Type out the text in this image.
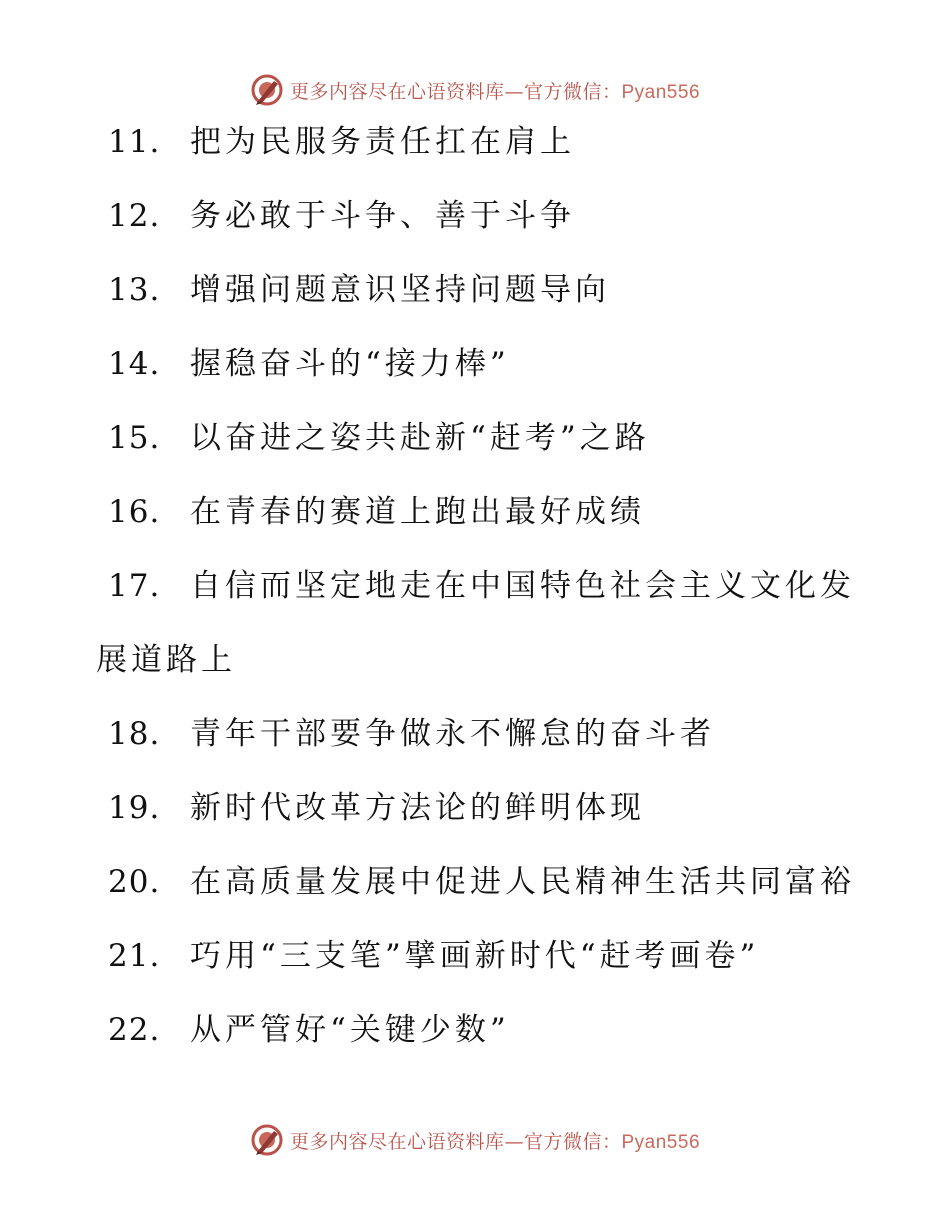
更多内容尽在心语资料库—官方微信：Pyan556
11. 把为民服务责任扛在肩上
12. 务必敢于斗争、善于斗争
13. 增强问题意识坚持问题导向
14. 握稳奋斗的“接力棒”
15. 以奋进之姿共赴新“赶考”之路
16. 在青春的赛道上跑出最好成绩
17. 自信而坚定地走在中国特色社会主义文化发
展道路上
18. 青年干部要争做永不懈怠的奋斗者
19. 新时代改革方法论的鲜明体现
20. 在高质量发展中促进人民精神生活共同富裕
21. 巧用“三支笔”擘画新时代“赶考画卷”
22. 从严管好“关键少数”
更多内容尽在心语资料库—官方微信：Pyan556
